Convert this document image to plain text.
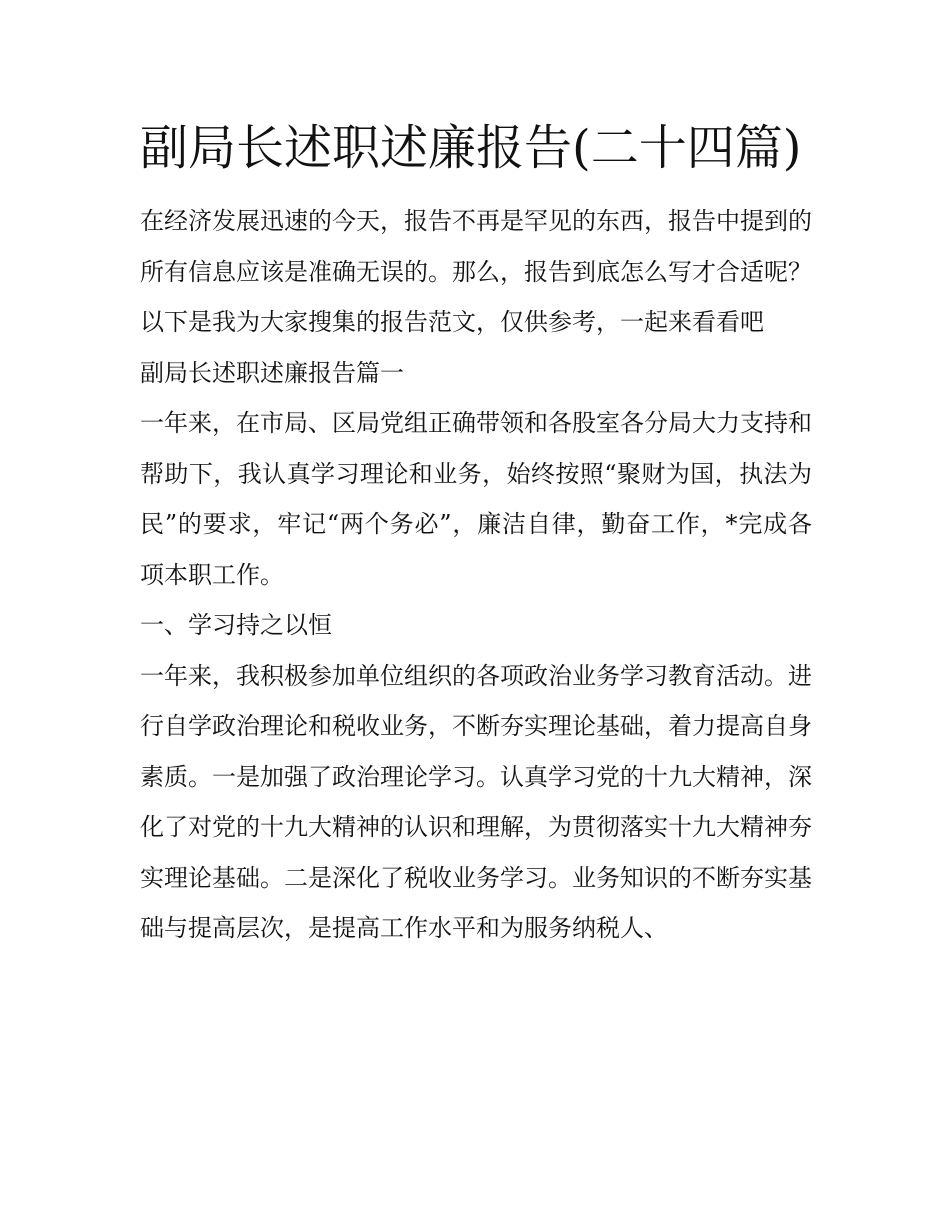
副局长述职述廉报告(二十四篇)

在经济发展迅速的今天，报告不再是罕见的东西，报告中提到的所有信息应该是准确无误的。那么，报告到底怎么写才合适呢？以下是我为大家搜集的报告范文，仅供参考，一起来看看吧

副局长述职述廉报告篇一

一年来，在市局、区局党组正确带领和各股室各分局大力支持和帮助下，我认真学习理论和业务，始终按照“聚财为国，执法为民”的要求，牢记“两个务必”，廉洁自律，勤奋工作，*完成各项本职工作。

一、学习持之以恒

一年来，我积极参加单位组织的各项政治业务学习教育活动。进行自学政治理论和税收业务，不断夯实理论基础，着力提高自身素质。一是加强了政治理论学习。认真学习党的十九大精神，深化了对党的十九大精神的认识和理解，为贯彻落实十九大精神夯实理论基础。二是深化了税收业务学习。业务知识的不断夯实基础与提高层次，是提高工作水平和为服务纳税人、
